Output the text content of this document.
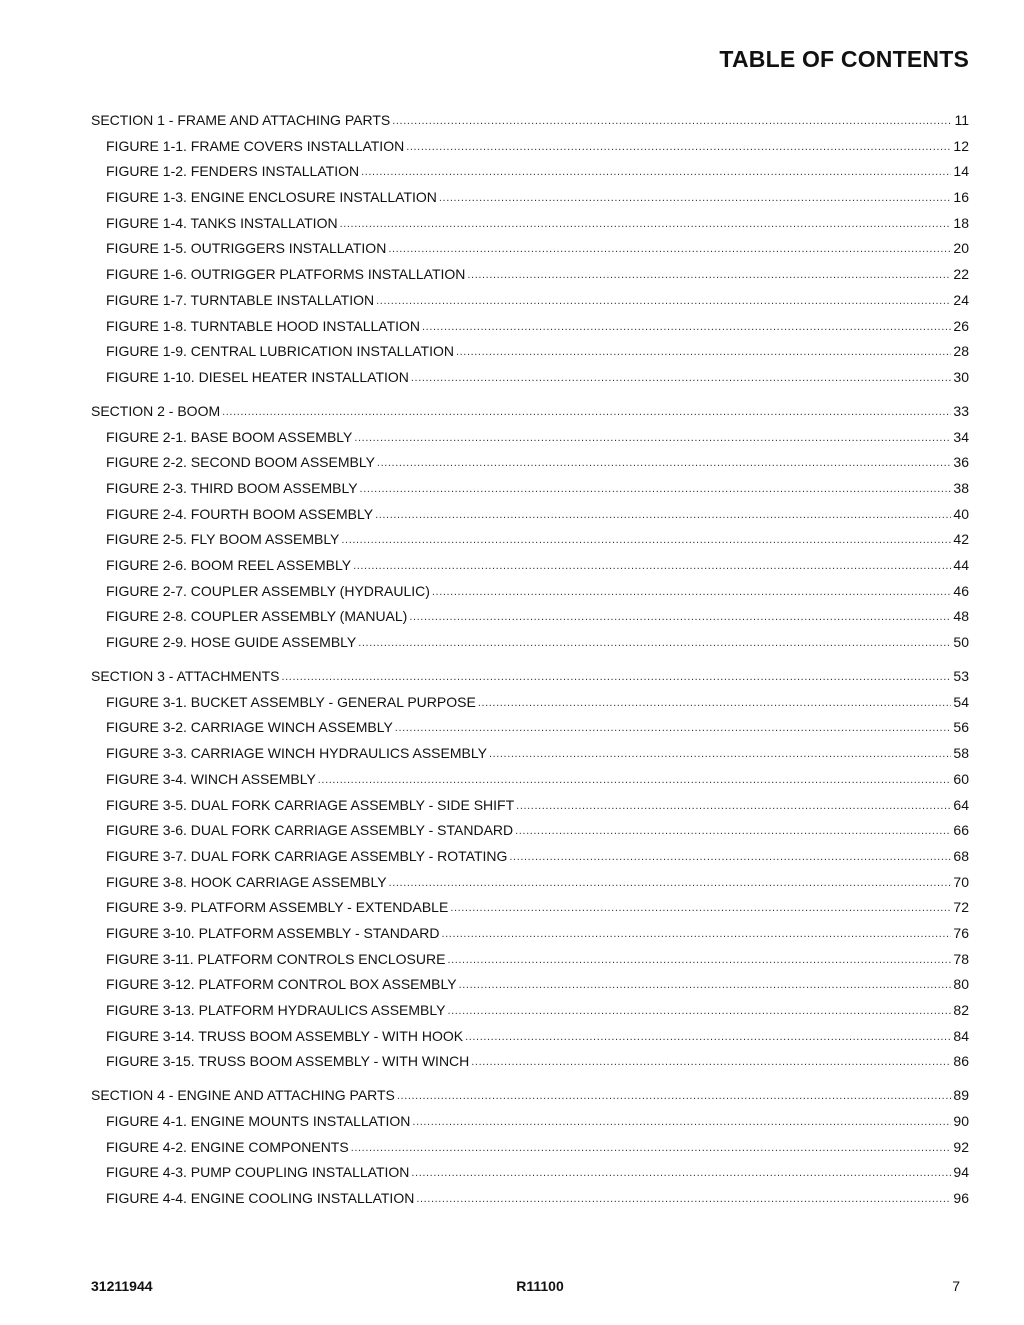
TABLE OF CONTENTS
SECTION 1 - FRAME AND ATTACHING PARTS .....	11
FIGURE 1-1. FRAME COVERS INSTALLATION .....	12
FIGURE 1-2. FENDERS INSTALLATION .....	14
FIGURE 1-3. ENGINE ENCLOSURE INSTALLATION .....	16
FIGURE 1-4. TANKS INSTALLATION .....	18
FIGURE 1-5. OUTRIGGERS INSTALLATION .....	20
FIGURE 1-6. OUTRIGGER PLATFORMS INSTALLATION .....	22
FIGURE 1-7. TURNTABLE INSTALLATION .....	24
FIGURE 1-8. TURNTABLE HOOD INSTALLATION .....	26
FIGURE 1-9. CENTRAL LUBRICATION INSTALLATION .....	28
FIGURE 1-10. DIESEL HEATER INSTALLATION .....	30
SECTION 2 - BOOM .....	33
FIGURE 2-1. BASE BOOM ASSEMBLY .....	34
FIGURE 2-2. SECOND BOOM ASSEMBLY .....	36
FIGURE 2-3. THIRD BOOM ASSEMBLY .....	38
FIGURE 2-4. FOURTH BOOM ASSEMBLY .....	40
FIGURE 2-5. FLY BOOM ASSEMBLY .....	42
FIGURE 2-6. BOOM REEL ASSEMBLY .....	44
FIGURE 2-7. COUPLER ASSEMBLY (HYDRAULIC) .....	46
FIGURE 2-8. COUPLER ASSEMBLY (MANUAL) .....	48
FIGURE 2-9. HOSE GUIDE ASSEMBLY .....	50
SECTION 3 - ATTACHMENTS .....	53
FIGURE 3-1. BUCKET ASSEMBLY - GENERAL PURPOSE .....	54
FIGURE 3-2. CARRIAGE WINCH ASSEMBLY .....	56
FIGURE 3-3. CARRIAGE WINCH HYDRAULICS ASSEMBLY .....	58
FIGURE 3-4. WINCH ASSEMBLY .....	60
FIGURE 3-5. DUAL FORK CARRIAGE ASSEMBLY - SIDE SHIFT .....	64
FIGURE 3-6. DUAL FORK CARRIAGE ASSEMBLY - STANDARD .....	66
FIGURE 3-7. DUAL FORK CARRIAGE ASSEMBLY - ROTATING .....	68
FIGURE 3-8. HOOK CARRIAGE ASSEMBLY .....	70
FIGURE 3-9. PLATFORM ASSEMBLY - EXTENDABLE .....	72
FIGURE 3-10. PLATFORM ASSEMBLY - STANDARD .....	76
FIGURE 3-11. PLATFORM CONTROLS ENCLOSURE .....	78
FIGURE 3-12. PLATFORM CONTROL BOX ASSEMBLY .....	80
FIGURE 3-13. PLATFORM HYDRAULICS ASSEMBLY .....	82
FIGURE 3-14. TRUSS BOOM ASSEMBLY - WITH HOOK .....	84
FIGURE 3-15. TRUSS BOOM ASSEMBLY - WITH WINCH .....	86
SECTION 4 - ENGINE AND ATTACHING PARTS .....	89
FIGURE 4-1. ENGINE MOUNTS INSTALLATION .....	90
FIGURE 4-2. ENGINE COMPONENTS .....	92
FIGURE 4-3. PUMP COUPLING INSTALLATION .....	94
FIGURE 4-4. ENGINE COOLING INSTALLATION .....	96
31211944	R11100	7
